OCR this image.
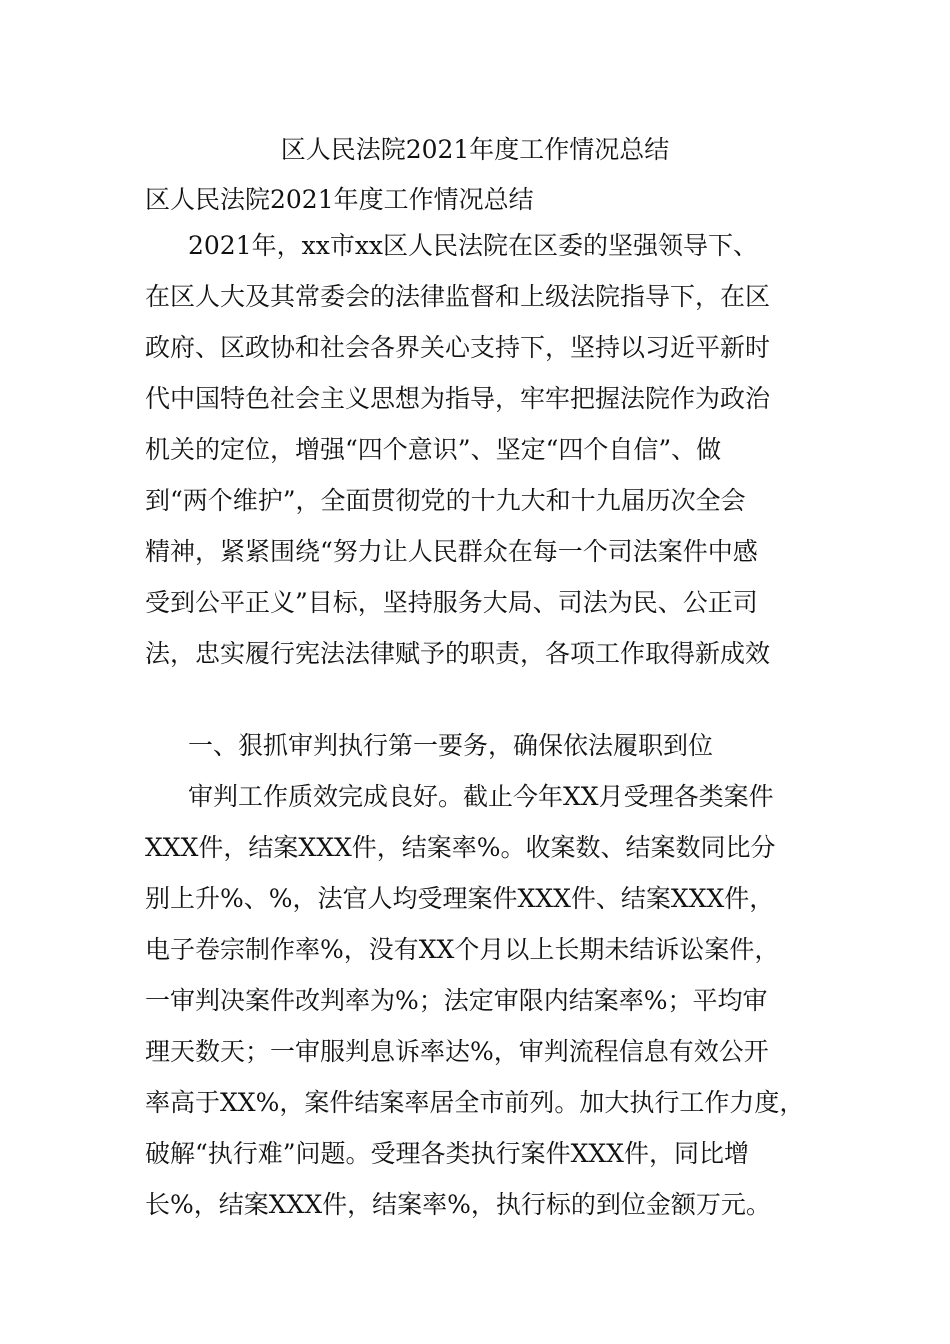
区人民法院2021年度工作情况总结
区人民法院2021年度工作情况总结
2021年，xx市xx区人民法院在区委的坚强领导下、
在区人大及其常委会的法律监督和上级法院指导下，在区
政府、区政协和社会各界关心支持下，坚持以习近平新时
代中国特色社会主义思想为指导，牢牢把握法院作为政治
机关的定位，增强“四个意识”、坚定“四个自信”、做
到“两个维护”，全面贯彻党的十九大和十九届历次全会
精神，紧紧围绕“努力让人民群众在每一个司法案件中感
受到公平正义”目标，坚持服务大局、司法为民、公正司
法，忠实履行宪法法律赋予的职责，各项工作取得新成效
一、狠抓审判执行第一要务，确保依法履职到位
审判工作质效完成良好。截止今年XX月受理各类案件
XXX件，结案XXX件，结案率%。收案数、结案数同比分
别上升%、%，法官人均受理案件XXX件、结案XXX件，
电子卷宗制作率%，没有XX个月以上长期未结诉讼案件，
一审判决案件改判率为%；法定审限内结案率%；平均审
理天数天；一审服判息诉率达%，审判流程信息有效公开
率高于XX%，案件结案率居全市前列。加大执行工作力度，
破解“执行难”问题。受理各类执行案件XXX件，同比增
长%，结案XXX件，结案率%，执行标的到位金额万元。
